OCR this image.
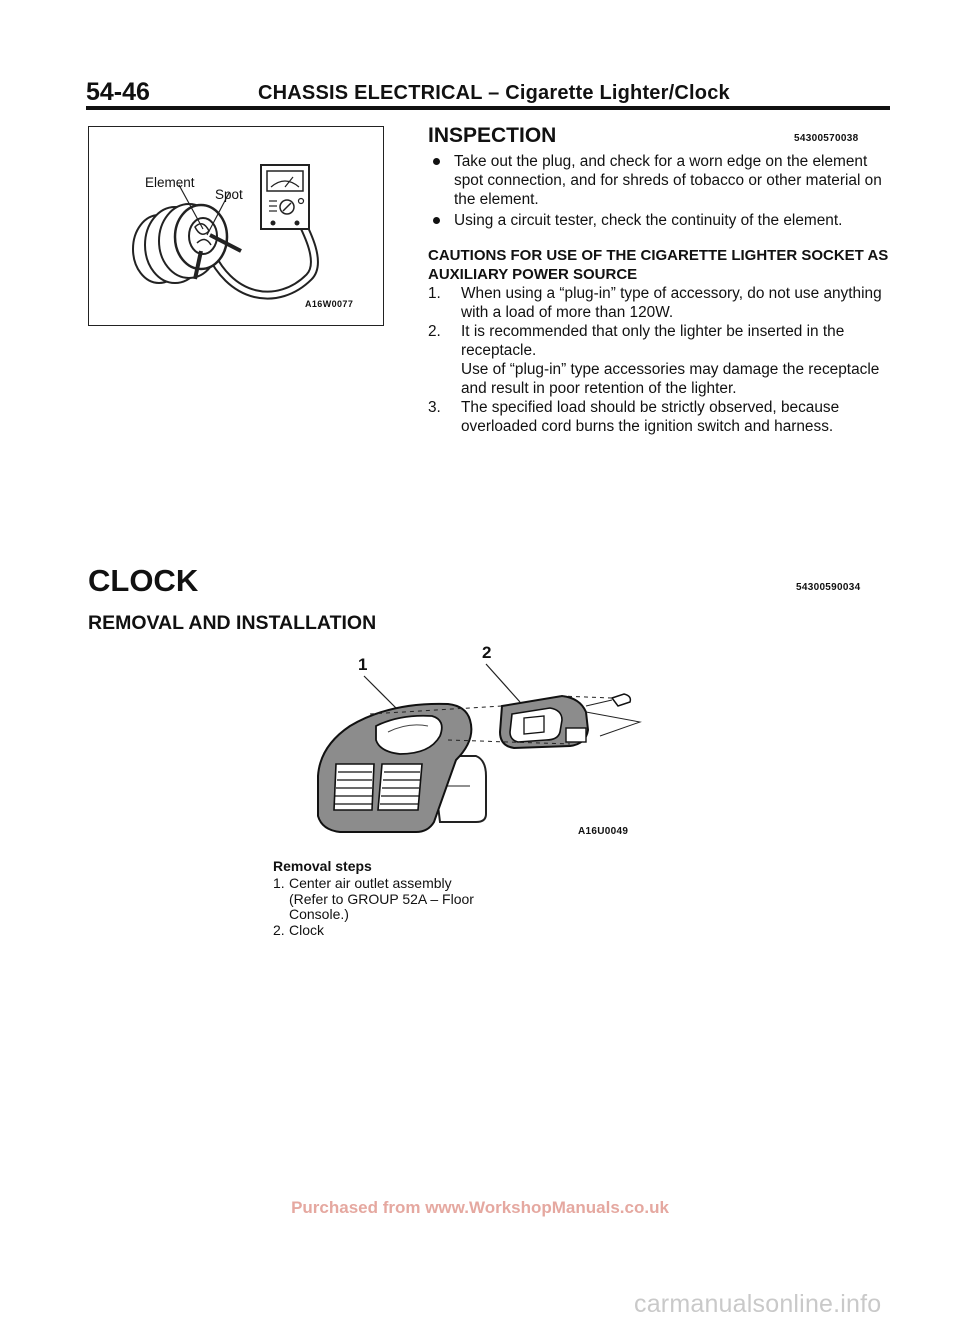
54-46	CHASSIS ELECTRICAL – Cigarette Lighter/Clock
Element
Spot
A16W0077
INSPECTION	54300570038
Take out the plug, and check for a worn edge on the element spot connection, and for shreds of tobacco or other material on the element.
Using a circuit tester, check the continuity of the element.
CAUTIONS FOR USE OF THE CIGARETTE LIGHTER SOCKET AS AUXILIARY POWER SOURCE
1. When using a “plug-in” type of accessory, do not use anything with a load of more than 120W.
2. It is recommended that only the lighter be inserted in the receptacle.
Use of “plug-in” type accessories may damage the receptacle and result in poor retention of the lighter.
3. The specified load should be strictly observed, because overloaded cord burns the ignition switch and harness.
CLOCK	54300590034
REMOVAL AND INSTALLATION
1
2
A16U0049
Removal steps
1. Center air outlet assembly (Refer to GROUP 52A – Floor Console.)
2. Clock
Purchased from www.WorkshopManuals.co.uk
carmanualsonline.info
